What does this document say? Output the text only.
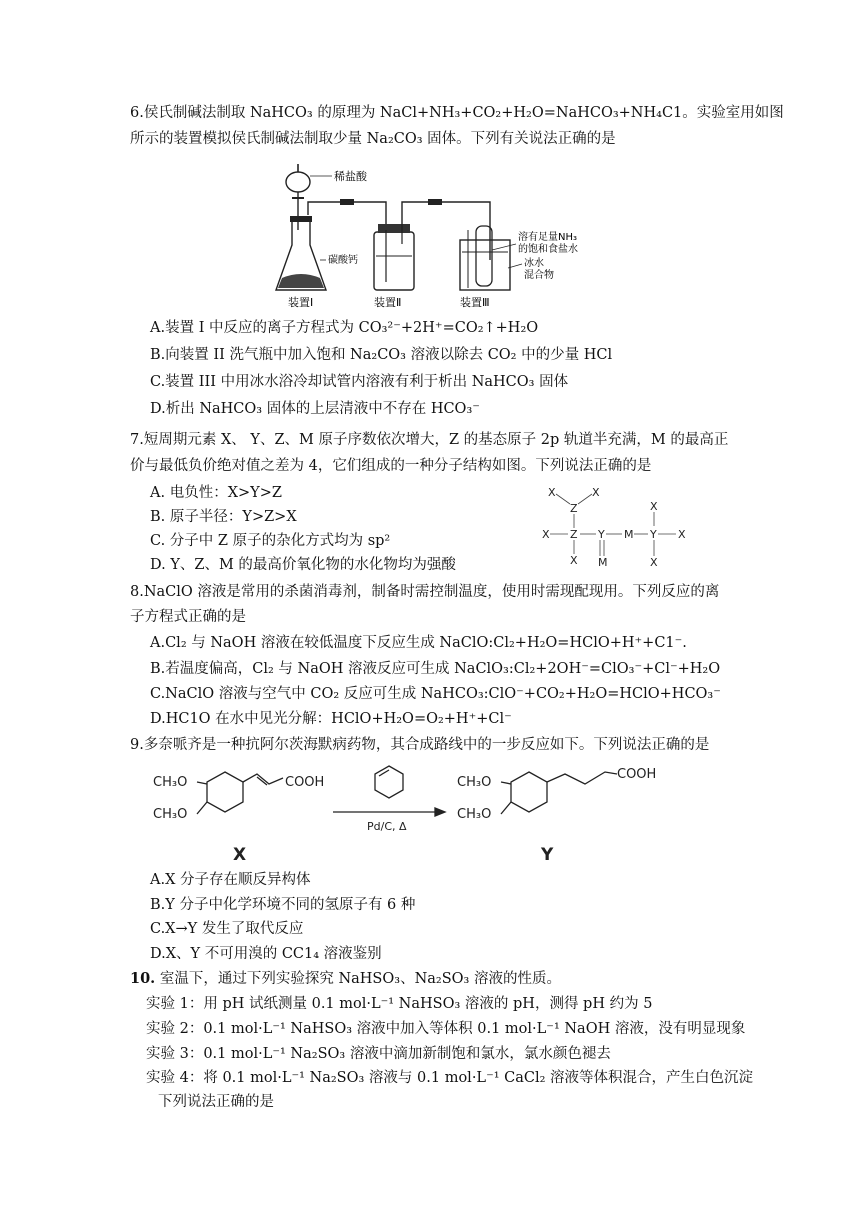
6.侯氏制碱法制取 NaHCO₃ 的原理为 NaCl+NH₃+CO₂+H₂O=NaHCO₃+NH₄C1。实验室用如图
所示的装置模拟侯氏制碱法制取少量 Na₂CO₃ 固体。下列有关说法正确的是
稀盐酸
碳酸钙
溶有足量NH₃
的饱和食盐水
冰水
混合物
装置Ⅰ	装置Ⅱ	装置Ⅲ
A.装置 I 中反应的离子方程式为 CO₃²⁻+2H⁺=CO₂↑+H₂O
B.向装置 II 洗气瓶中加入饱和 Na₂CO₃ 溶液以除去 CO₂ 中的少量 HCl
C.装置 III 中用冰水浴冷却试管内溶液有利于析出 NaHCO₃ 固体
D.析出 NaHCO₃ 固体的上层清液中不存在 HCO₃⁻
7.短周期元素 X、 Y、Z、M 原子序数依次增大，Z 的基态原子 2p 轨道半充满，M 的最高正
价与最低负价绝对值之差为 4，它们组成的一种分子结构如图。下列说法正确的是
A. 电负性：X>Y>Z
B. 原子半径：Y>Z>X
C. 分子中 Z 原子的杂化方式均为 sp²
D. Y、Z、M 的最高价氧化物的水化物均为强酸
X	X
Z
X Z Y M Y X
X
X
M
X
8.NaClO 溶液是常用的杀菌消毒剂，制备时需控制温度，使用时需现配现用。下列反应的离
子方程式正确的是
A.Cl₂ 与 NaOH 溶液在较低温度下反应生成 NaClO:Cl₂+H₂O=HClO+H⁺+C1⁻.
B.若温度偏高，Cl₂ 与 NaOH 溶液反应可生成 NaClO₃:Cl₂+2OH⁻=ClO₃⁻+Cl⁻+H₂O
C.NaClO 溶液与空气中 CO₂ 反应可生成 NaHCO₃:ClO⁻+CO₂+H₂O=HClO+HCO₃⁻
D.HC1O 在水中见光分解：HClO+H₂O=O₂+H⁺+Cl⁻
9.多奈哌齐是一种抗阿尔茨海默病药物，其合成路线中的一步反应如下。下列说法正确的是
CH₃O
CH₃O
COOH
X
CH₃O
CH₃O
COOH
Y
Pd/C, Δ
A.X 分子存在顺反异构体
B.Y 分子中化学环境不同的氢原子有 6 种
C.X→Y 发生了取代反应
D.X、Y 不可用溴的 CC1₄ 溶液鉴别
10. 室温下，通过下列实验探究 NaHSO₃、Na₂SO₃ 溶液的性质。
实验 1：用 pH 试纸测量 0.1 mol·L⁻¹ NaHSO₃ 溶液的 pH，测得 pH 约为 5
实验 2：0.1 mol·L⁻¹ NaHSO₃ 溶液中加入等体积 0.1 mol·L⁻¹ NaOH 溶液，没有明显现象
实验 3：0.1 mol·L⁻¹ Na₂SO₃ 溶液中滴加新制饱和氯水，氯水颜色褪去
实验 4：将 0.1 mol·L⁻¹ Na₂SO₃ 溶液与 0.1 mol·L⁻¹ CaCl₂ 溶液等体积混合，产生白色沉淀
下列说法正确的是
